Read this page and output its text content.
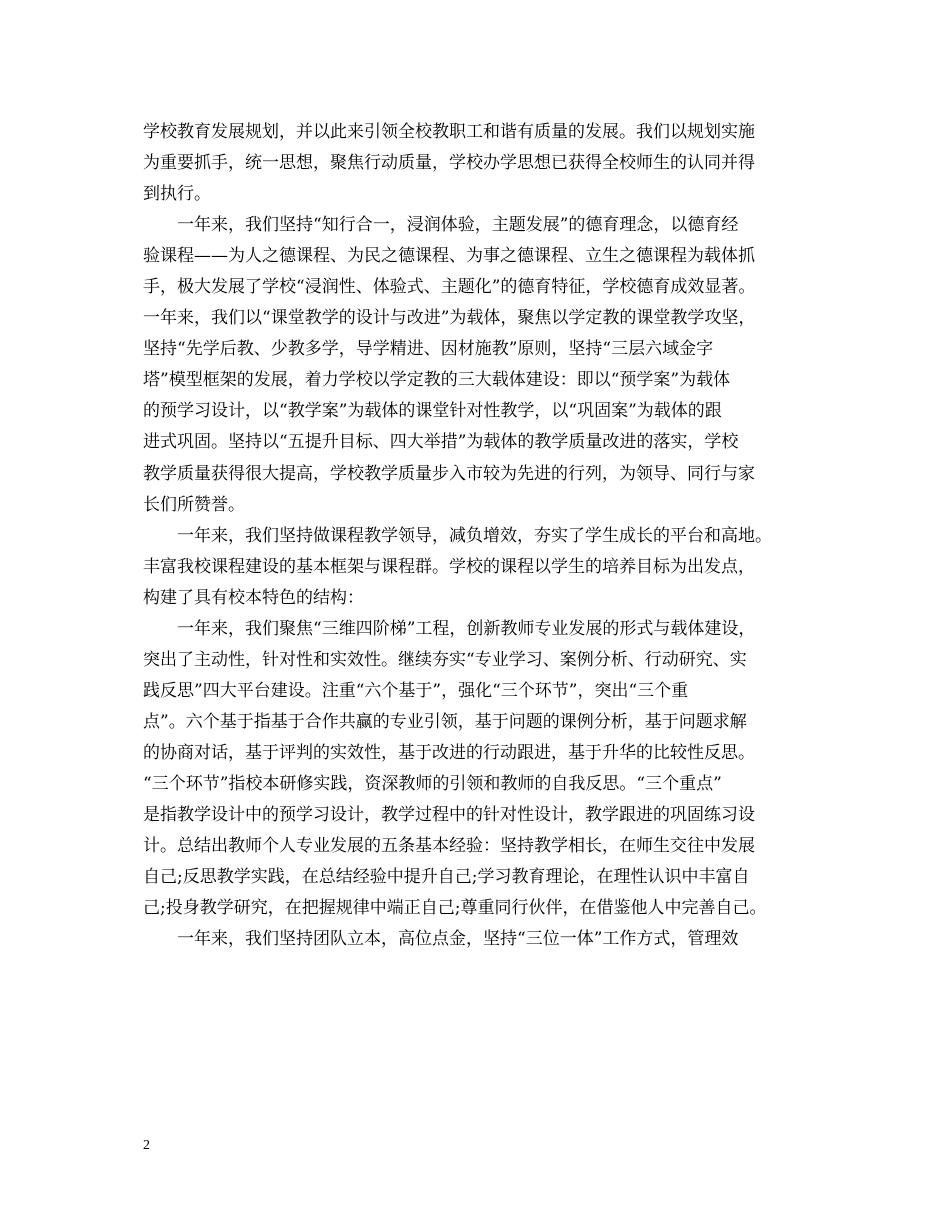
学校教育发展规划，并以此来引领全校教职工和谐有质量的发展。我们以规划实施
为重要抓手，统一思想，聚焦行动质量，学校办学思想已获得全校师生的认同并得
到执行。
一年来，我们坚持“知行合一，浸润体验，主题发展”的德育理念，以德育经
验课程——为人之德课程、为民之德课程、为事之德课程、立生之德课程为载体抓
手，极大发展了学校“浸润性、体验式、主题化”的德育特征，学校德育成效显著。
一年来，我们以“课堂教学的设计与改进”为载体，聚焦以学定教的课堂教学攻坚，
坚持“先学后教、少教多学，导学精进、因材施教”原则，坚持“三层六域金字
塔”模型框架的发展，着力学校以学定教的三大载体建设：即以“预学案”为载体
的预学习设计，以“教学案”为载体的课堂针对性教学，以“巩固案”为载体的跟
进式巩固。坚持以“五提升目标、四大举措”为载体的教学质量改进的落实，学校
教学质量获得很大提高，学校教学质量步入市较为先进的行列，为领导、同行与家
长们所赞誉。
一年来，我们坚持做课程教学领导，减负增效，夯实了学生成长的平台和高地。
丰富我校课程建设的基本框架与课程群。学校的课程以学生的培养目标为出发点，
构建了具有校本特色的结构：
一年来，我们聚焦“三维四阶梯”工程，创新教师专业发展的形式与载体建设，
突出了主动性，针对性和实效性。继续夯实“专业学习、案例分析、行动研究、实
践反思”四大平台建设。注重“六个基于”，强化“三个环节”，突出“三个重
点”。六个基于指基于合作共赢的专业引领，基于问题的课例分析，基于问题求解
的协商对话，基于评判的实效性，基于改进的行动跟进，基于升华的比较性反思。
“三个环节”指校本研修实践，资深教师的引领和教师的自我反思。“三个重点”
是指教学设计中的预学习设计，教学过程中的针对性设计，教学跟进的巩固练习设
计。总结出教师个人专业发展的五条基本经验：坚持教学相长，在师生交往中发展
自己;反思教学实践，在总结经验中提升自己;学习教育理论，在理性认识中丰富自
己;投身教学研究，在把握规律中端正自己;尊重同行伙伴，在借鉴他人中完善自己。
一年来，我们坚持团队立本，高位点金，坚持“三位一体”工作方式，管理效
2
